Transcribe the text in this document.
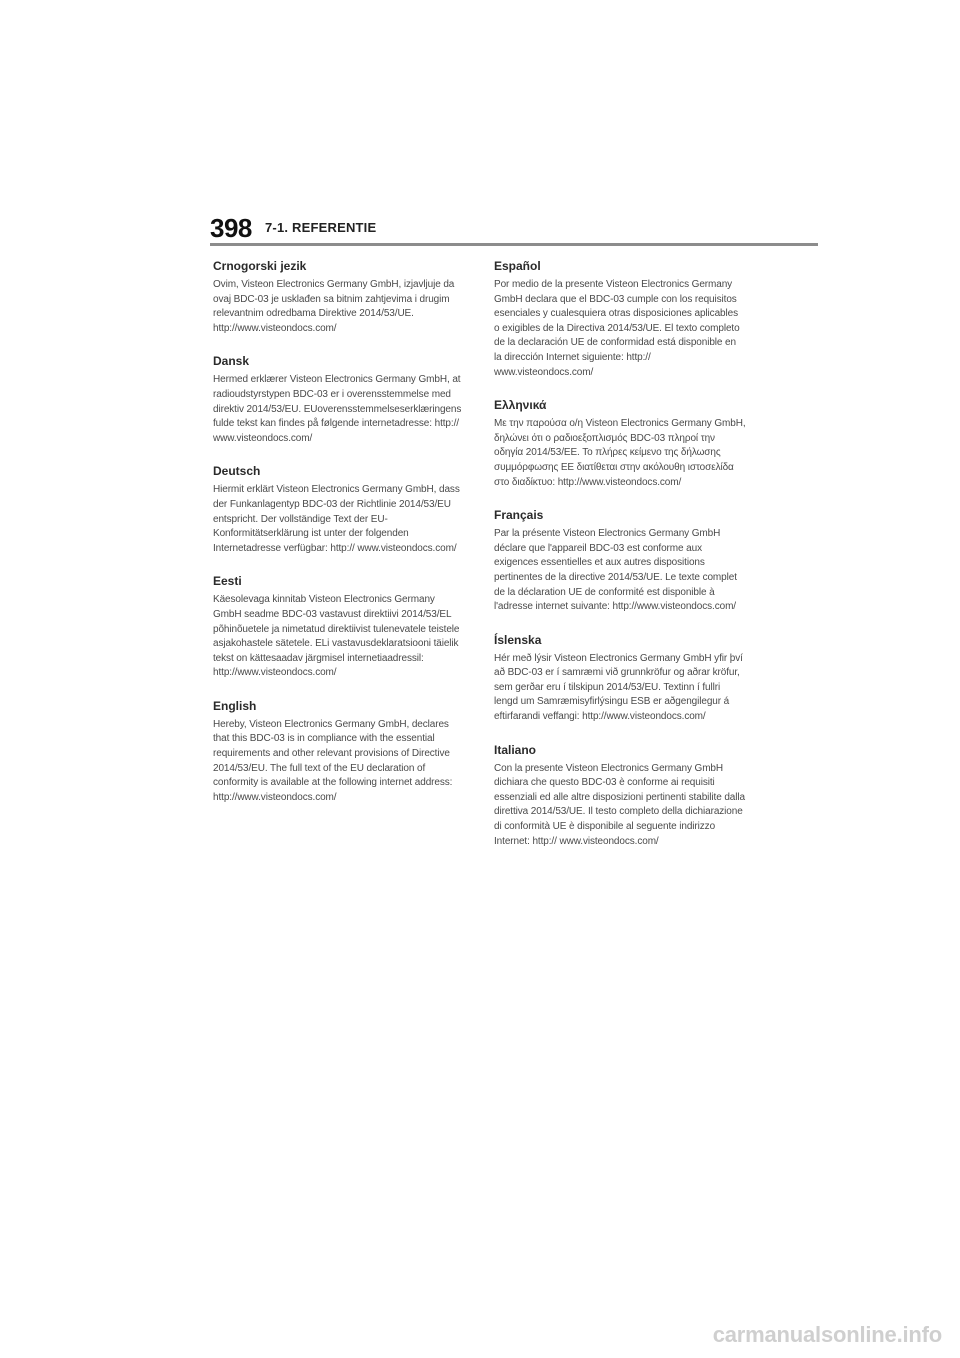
398 7-1. REFERENTIE
Crnogorski jezik

Ovim, Visteon Electronics Germany GmbH, izjavljuje da ovaj BDC-03 je usklađen sa bitnim zahtjevima i drugim relevantnim odredbama Direktive 2014/53/UE. http://www.visteondocs.com/

Dansk

Hermed erklærer Visteon Electronics Germany GmbH, at radioudstyrstypen BDC-03 er i overensstemmelse med direktiv 2014/53/EU. EUoverensstemmelseserklæringens fulde tekst kan findes på følgende internetadresse: http:// www.visteondocs.com/

Deutsch

Hiermit erklärt Visteon Electronics Germany GmbH, dass der Funkanlagentyp BDC-03 der Richtlinie 2014/53/EU entspricht. Der vollständige Text der EU-Konformitätserklärung ist unter der folgenden Internetadresse verfügbar: http:// www.visteondocs.com/

Eesti

Käesolevaga kinnitab Visteon Electronics Germany GmbH seadme BDC-03 vastavust direktiivi 2014/53/EL põhinõuetele ja nimetatud direktiivist tulenevatele teistele asjakohastele sätetele. ELi vastavusdeklaratsiooni täielik tekst on kättesaadav järgmisel internetiaadressil: http://www.visteondocs.com/

English

Hereby, Visteon Electronics Germany GmbH, declares that this BDC-03 is in compliance with the essential requirements and other relevant provisions of Directive 2014/53/EU. The full text of the EU declaration of conformity is available at the following internet address: http://www.visteondocs.com/

Español

Por medio de la presente Visteon Electronics Germany GmbH declara que el BDC-03 cumple con los requisitos esenciales y cualesquiera otras disposiciones aplicables o exigibles de la Directiva 2014/53/UE. El texto completo de la declaración UE de conformidad está disponible en la dirección Internet siguiente: http:// www.visteondocs.com/

Ελληνικά

Με την παρούσα ο/η Visteon Electronics Germany GmbH, δηλώνει ότι ο ραδιοεξοπλισμός BDC-03 πληροί την οδηγία 2014/53/ΕΕ. Το πλήρες κείμενο της δήλωσης συμμόρφωσης ΕΕ διατίθεται στην ακόλουθη ιστοσελίδα στο διαδίκτυο: http://www.visteondocs.com/

Français

Par la présente Visteon Electronics Germany GmbH déclare que l'appareil BDC-03 est conforme aux exigences essentielles et aux autres dispositions pertinentes de la directive 2014/53/UE. Le texte complet de la déclaration UE de conformité est disponible à l'adresse internet suivante: http://www.visteondocs.com/

Íslenska

Hér með lýsir Visteon Electronics Germany GmbH yfir því að BDC-03 er í samræmi við grunnkröfur og aðrar kröfur, sem gerðar eru í tilskipun 2014/53/EU. Textinn í fullri lengd um Samræmisyfirlýsingu ESB er aðgengilegur á eftirfarandi veffangi: http://www.visteondocs.com/

Italiano

Con la presente Visteon Electronics Germany GmbH dichiara che questo BDC-03 è conforme ai requisiti essenziali ed alle altre disposizioni pertinenti stabilite dalla direttiva 2014/53/UE. Il testo completo della dichiarazione di conformità UE è disponibile al seguente indirizzo Internet: http:// www.visteondocs.com/

carmanualsonline.info
